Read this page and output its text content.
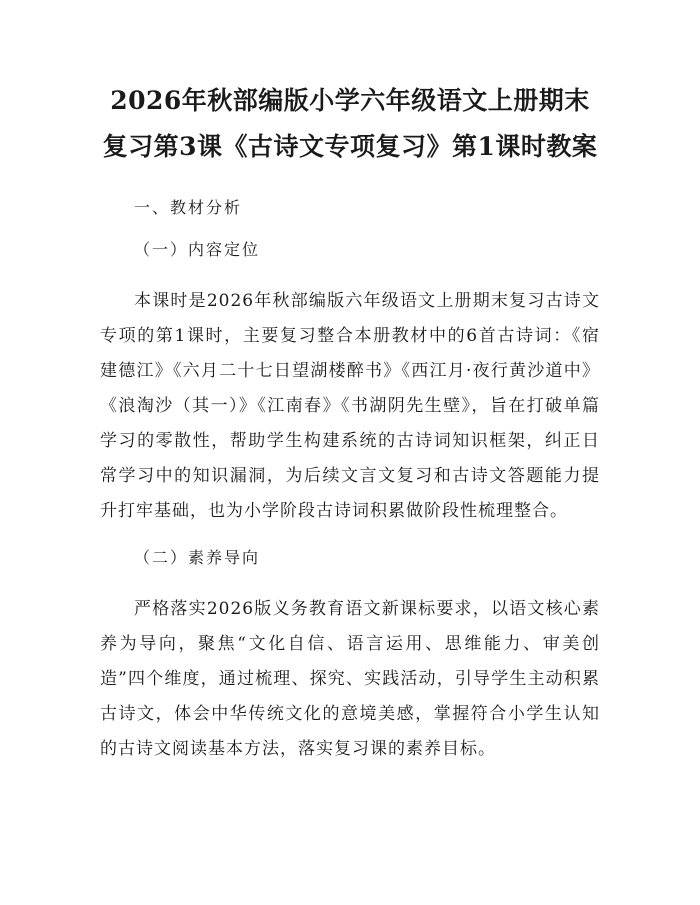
2026年秋部编版小学六年级语文上册期末复习第3课《古诗文专项复习》第1课时教案

一、教材分析

（一）内容定位

本课时是2026年秋部编版六年级语文上册期末复习古诗文专项的第1课时，主要复习整合本册教材中的6首古诗词：《宿建德江》《六月二十七日望湖楼醉书》《西江月·夜行黄沙道中》《浪淘沙（其一）》《江南春》《书湖阴先生壁》，旨在打破单篇学习的零散性，帮助学生构建系统的古诗词知识框架，纠正日常学习中的知识漏洞，为后续文言文复习和古诗文答题能力提升打牢基础，也为小学阶段古诗词积累做阶段性梳理整合。

（二）素养导向

严格落实2026版义务教育语文新课标要求，以语文核心素养为导向，聚焦“文化自信、语言运用、思维能力、审美创造”四个维度，通过梳理、探究、实践活动，引导学生主动积累古诗文，体会中华传统文化的意境美感，掌握符合小学生认知的古诗文阅读基本方法，落实复习课的素养目标。
